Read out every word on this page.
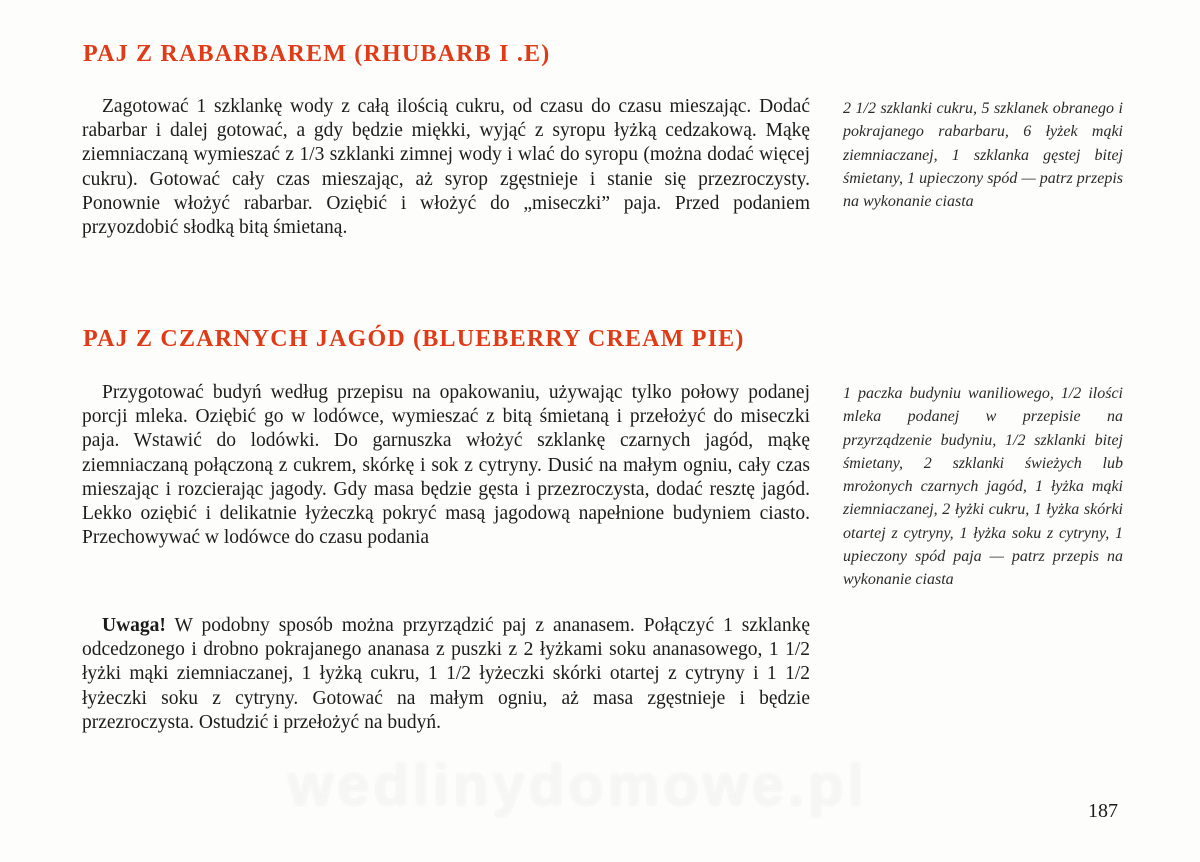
PAJ Z RABARBAREM (RHUBARB I .E)

Zagotować 1 szklankę wody z całą ilością cukru, od czasu do czasu mieszając. Dodać rabarbar i dalej gotować, a gdy będzie miękki, wyjąć z syropu łyżką cedzakową. Mąkę ziemniaczaną wymieszać z 1/3 szklanki zimnej wody i wlać do syropu (można dodać więcej cukru). Gotować cały czas mieszając, aż syrop zgęstnieje i stanie się przezroczysty. Ponownie włożyć rabarbar. Oziębić i włożyć do „miseczki” paja. Przed podaniem przyozdobić słodką bitą śmietaną.

2 1/2 szklanki cukru, 5 szklanek obranego i pokrajanego rabarbaru, 6 łyżek mąki ziemniaczanej, 1 szklanka gęstej bitej śmietany, 1 upieczony spód — patrz przepis na wykonanie ciasta

PAJ Z CZARNYCH JAGÓD (BLUEBERRY CREAM PIE)

Przygotować budyń według przepisu na opakowaniu, używając tylko połowy podanej porcji mleka. Oziębić go w lodówce, wymieszać z bitą śmietaną i przełożyć do miseczki paja. Wstawić do lodówki. Do garnuszka włożyć szklankę czarnych jagód, mąkę ziemniaczaną połączoną z cukrem, skórkę i sok z cytryny. Dusić na małym ogniu, cały czas mieszając i rozcierając jagody. Gdy masa będzie gęsta i przezroczysta, dodać resztę jagód. Lekko oziębić i delikatnie łyżeczką pokryć masą jagodową napełnione budyniem ciasto. Przechowywać w lodówce do czasu podania

1 paczka budyniu waniliowego, 1/2 ilości mleka podanej w przepisie na przyrządzenie budyniu, 1/2 szklanki bitej śmietany, 2 szklanki świeżych lub mrożonych czarnych jagód, 1 łyżka mąki ziemniaczanej, 2 łyżki cukru, 1 łyżka skórki otartej z cytryny, 1 łyżka soku z cytryny, 1 upieczony spód paja — patrz przepis na wykonanie ciasta

Uwaga! W podobny sposób można przyrządzić paj z ananasem. Połączyć 1 szklankę odcedzonego i drobno pokrajanego ananasa z puszki z 2 łyżkami soku ananasowego, 1 1/2 łyżki mąki ziemniaczanej, 1 łyżką cukru, 1 1/2 łyżeczki skórki otartej z cytryny i 1 1/2 łyżeczki soku z cytryny. Gotować na małym ogniu, aż masa zgęstnieje i będzie przezroczysta. Ostudzić i przełożyć na budyń.

wedlinydomowe.pl	187
